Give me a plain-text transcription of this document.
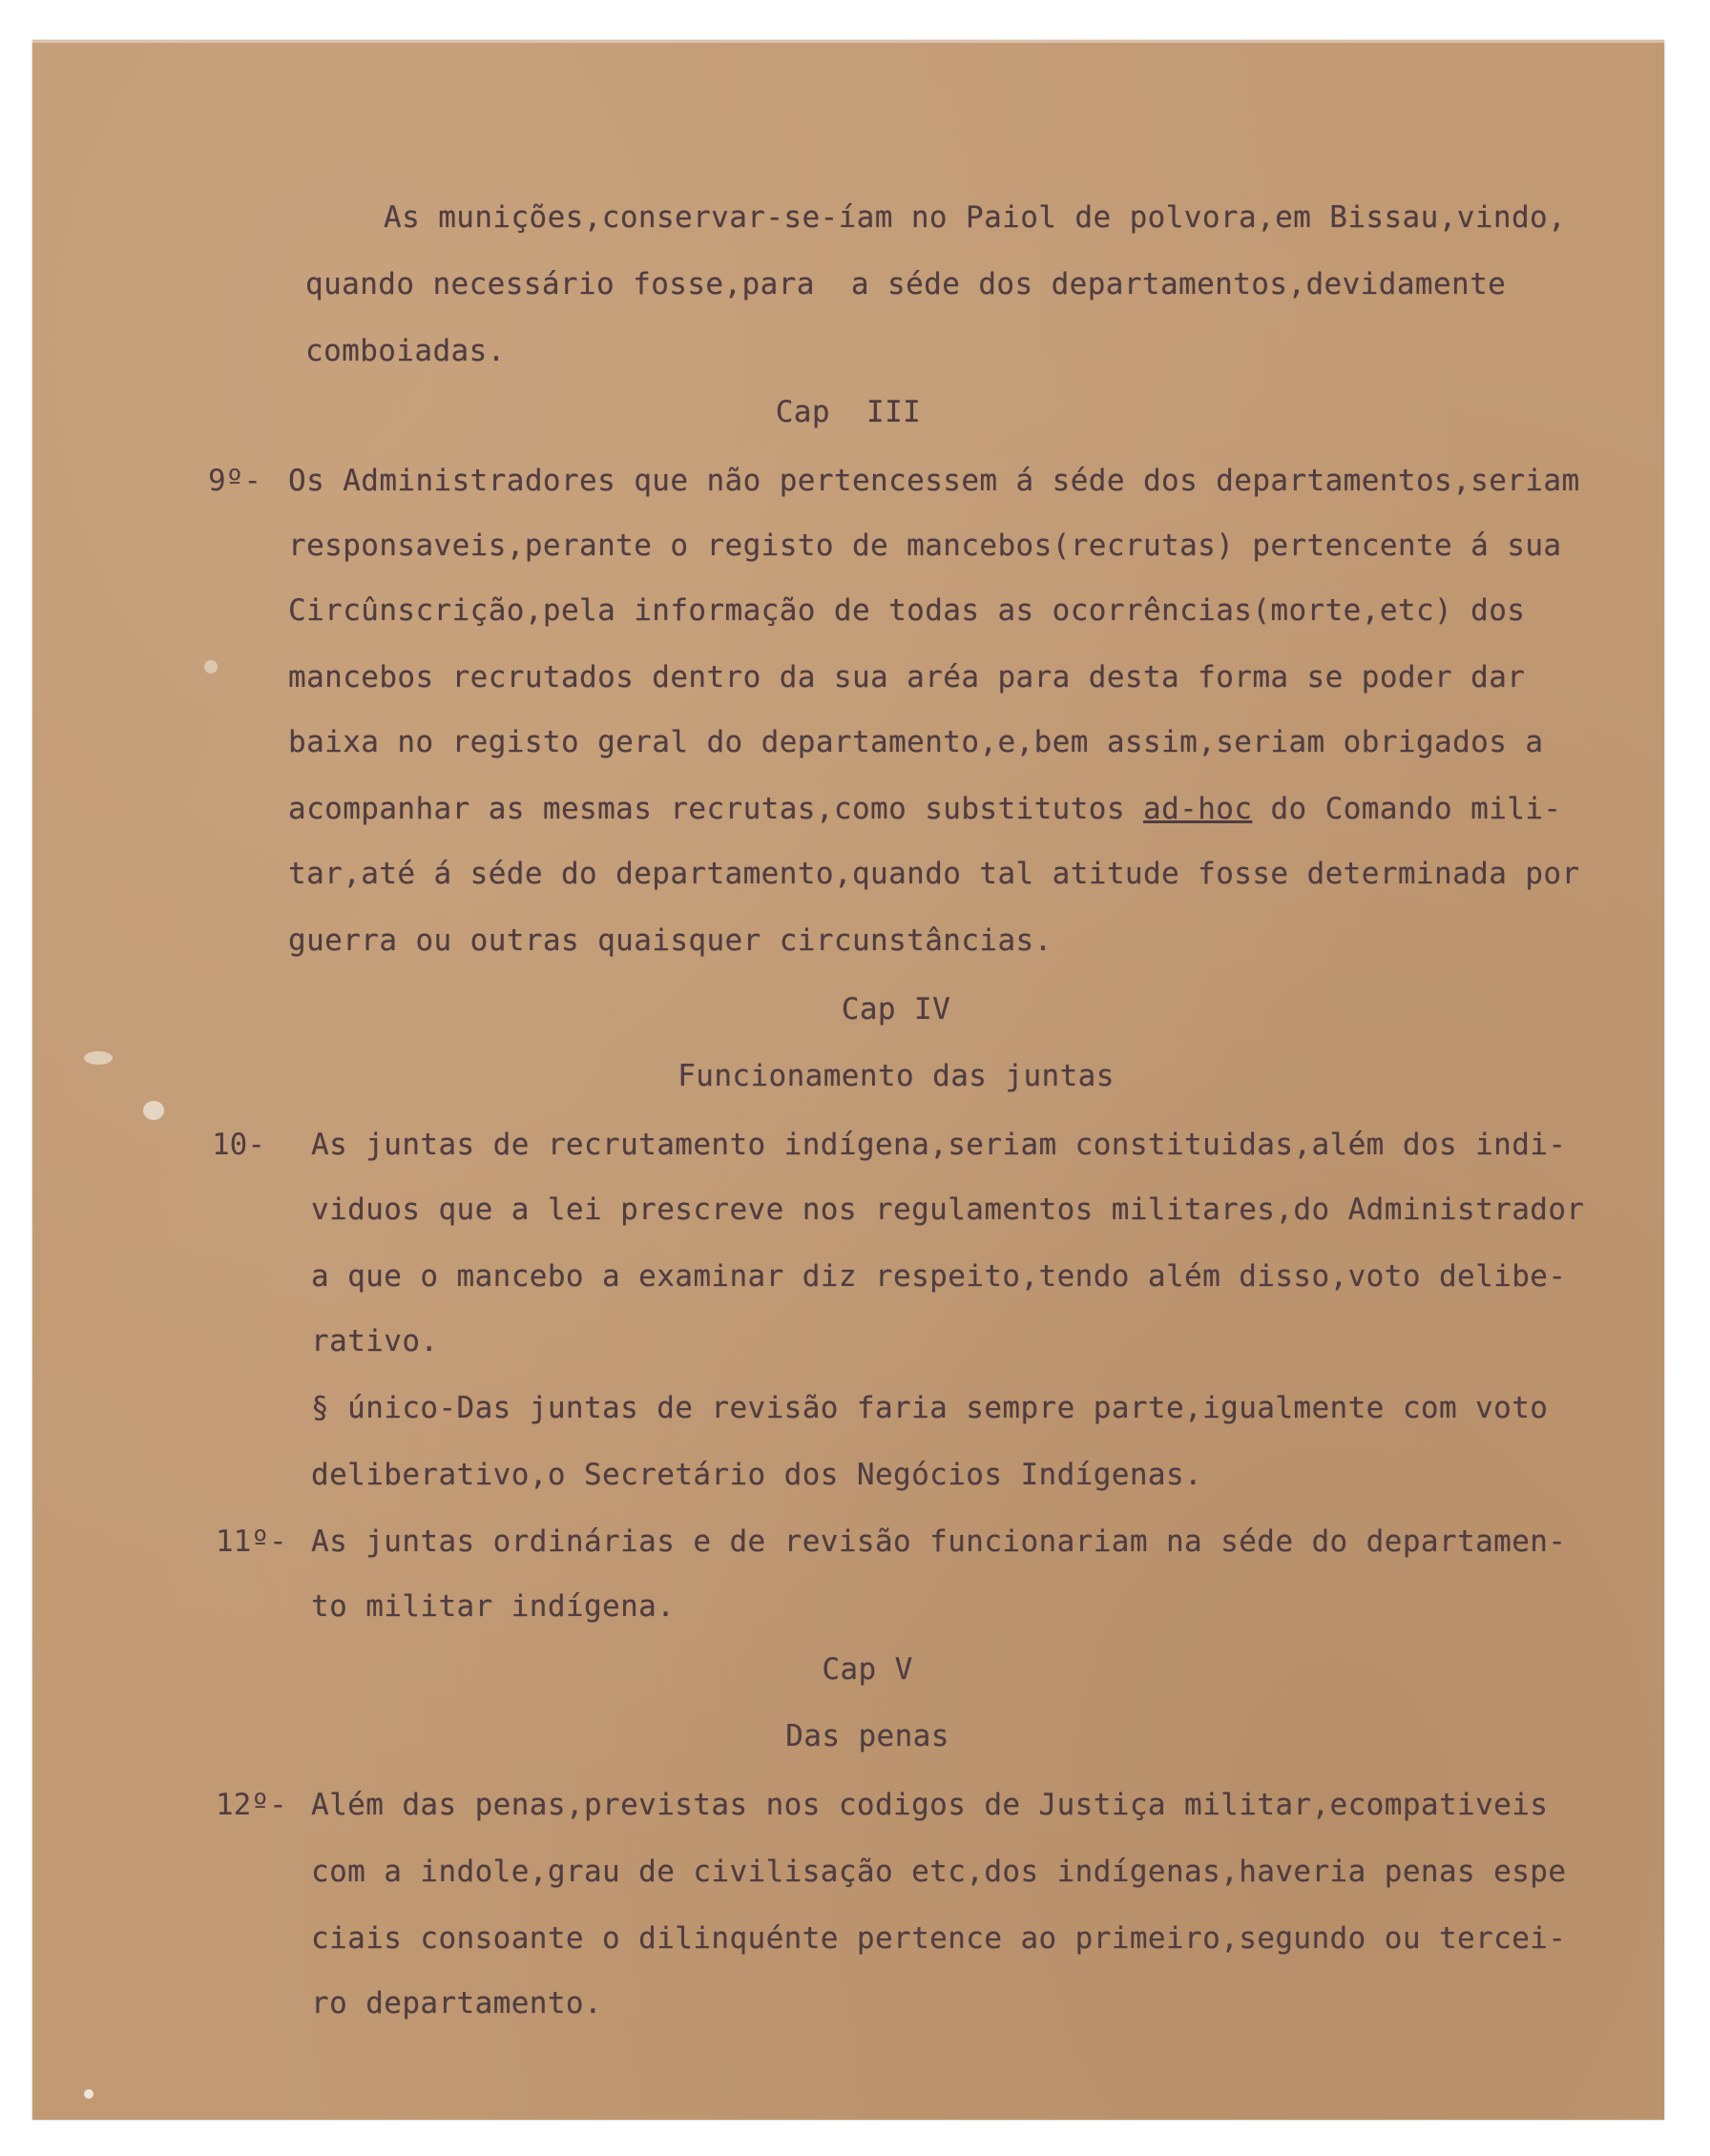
As munições,conservar-se-íam no Paiol de polvora,em Bissau,vindo,
quando necessário fosse,para  a séde dos departamentos,devidamente
comboiadas.
Cap  III
9º- Os Administradores que não pertencessem á séde dos departamentos,seriam
responsaveis,perante o registo de mancebos(recrutas) pertencente á sua
Circûnscrição,pela informação de todas as ocorrências(morte,etc) dos
mancebos recrutados dentro da sua aréa para desta forma se poder dar
baixa no registo geral do departamento,e,bem assim,seriam obrigados a
acompanhar as mesmas recrutas,como substitutos ad-hoc do Comando mili-
tar,até á séde do departamento,quando tal atitude fosse determinada por
guerra ou outras quaisquer circunstâncias.
Cap IV
Funcionamento das juntas
10- As juntas de recrutamento indígena,seriam constituidas,além dos indi-
viduos que a lei prescreve nos regulamentos militares,do Administrador
a que o mancebo a examinar diz respeito,tendo além disso,voto delibe-
rativo.
§ único-Das juntas de revisão faria sempre parte,igualmente com voto
deliberativo,o Secretário dos Negócios Indígenas.
11º- As juntas ordinárias e de revisão funcionariam na séde do departamen-
to militar indígena.
Cap V
Das penas
12º- Além das penas,previstas nos codigos de Justiça militar,ecompativeis
com a indole,grau de civilisação etc,dos indígenas,haveria penas espe
ciais consoante o dilinquénte pertence ao primeiro,segundo ou tercei-
ro departamento.
